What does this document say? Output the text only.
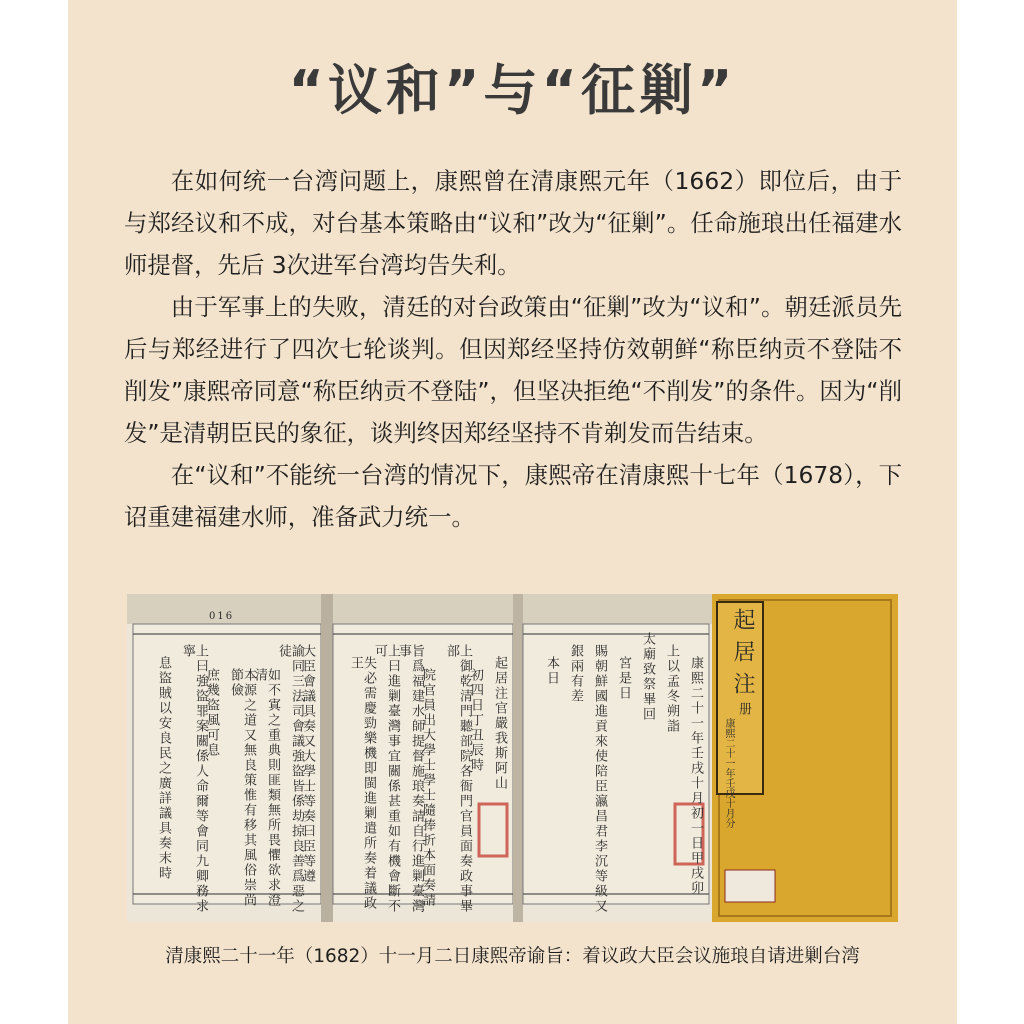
“议和”与“征剿”

在如何统一台湾问题上，康熙曾在清康熙元年（1662）即位后，由于与郑经议和不成，对台基本策略由“议和”改为“征剿”。任命施琅出任福建水师提督，先后 3次进军台湾均告失利。

由于军事上的失败，清廷的对台政策由“征剿”改为“议和”。朝廷派员先后与郑经进行了四次七轮谈判。但因郑经坚持仿效朝鲜“称臣纳贡不登陆不削发”康熙帝同意“称臣纳贡不登陆”，但坚决拒绝“不削发”的条件。因为“削发”是清朝臣民的象征，谈判终因郑经坚持不肯剃发而告结束。

在“议和”不能统一台湾的情况下，康熙帝在清康熙十七年（1678），下诏重建福建水师，准备武力统一。

016
大臣會議具奏又大學士等奏曰臣等遵
諭同三法司會議強盜皆係劫掠良善爲惡之徒
如不寘之重典則匪類無所畏懼欲求澄清
本源之道又無良策惟有移其風俗崇尚節儉
庶幾盜風可息
上曰強盜罪案關係人命爾等會同九卿務求寧
息盜賊以安良民之廣詳議具奏末時	起居注官嚴我斯阿山
初四日丁丑辰時
上御乾清門聽部院各衙門官員面奏政事畢部
院官員出大學士學士隨捧折本面奏請
旨爲福建水師提督施琅奏請自行進剿臺灣事
上曰進剿臺灣事宜關係甚重如有機會斷不可
失必需慶勁樂機即閩進剿遣所奏着議政王	康熙二十一年壬戌十月初一日甲戌卯
上以孟冬朔詣
太廟致祭畢回
宮是日
賜朝鮮國進貢來使陪臣瀛昌君李沉等級又
銀兩有差
本日	起居注
册
康熙二十一年壬戌十月分

清康熙二十一年（1682）十一月二日康熙帝谕旨：着议政大臣会议施琅自请进剿台湾
